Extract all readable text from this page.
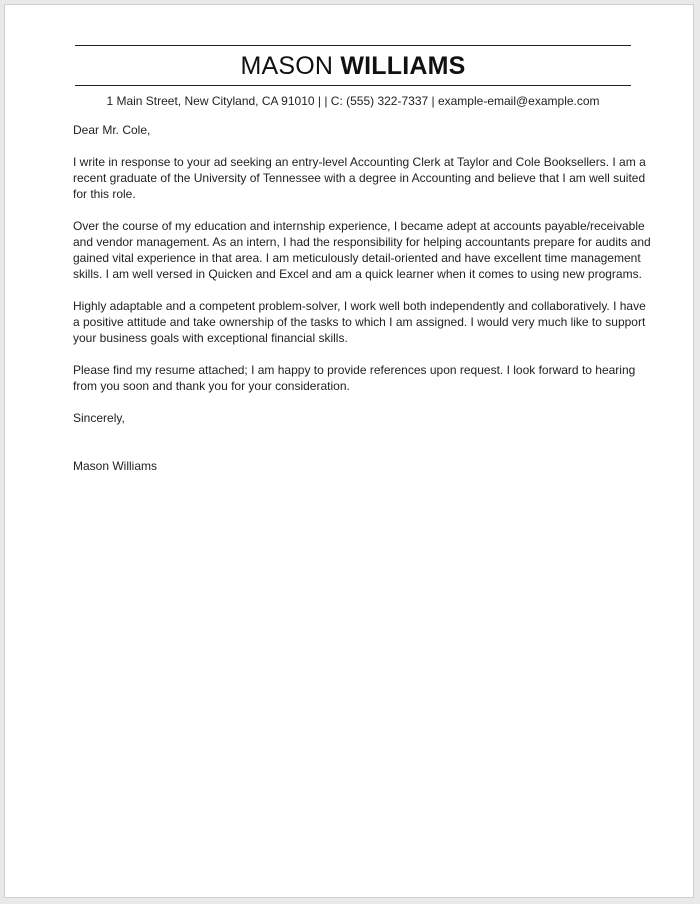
MASON WILLIAMS
1 Main Street, New Cityland, CA 91010 | | C: (555) 322-7337 | example-email@example.com

Dear Mr. Cole,

I write in response to your ad seeking an entry-level Accounting Clerk at Taylor and Cole Booksellers. I am a recent graduate of the University of Tennessee with a degree in Accounting and believe that I am well suited for this role.

Over the course of my education and internship experience, I became adept at accounts payable/receivable and vendor management. As an intern, I had the responsibility for helping accountants prepare for audits and gained vital experience in that area. I am meticulously detail-oriented and have excellent time management skills. I am well versed in Quicken and Excel and am a quick learner when it comes to using new programs.

Highly adaptable and a competent problem-solver, I work well both independently and collaboratively. I have a positive attitude and take ownership of the tasks to which I am assigned. I would very much like to support your business goals with exceptional financial skills.

Please find my resume attached; I am happy to provide references upon request. I look forward to hearing from you soon and thank you for your consideration.

Sincerely,

Mason Williams
